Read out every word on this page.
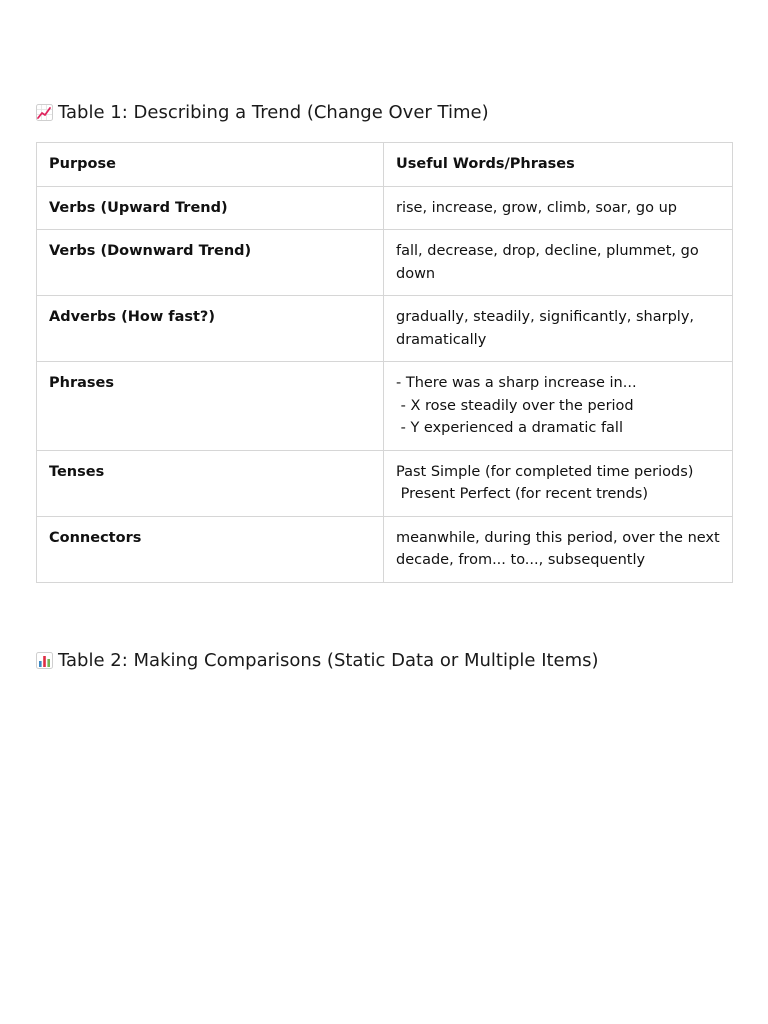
Table 1: Describing a Trend (Change Over Time)
Purpose	Useful Words/Phrases
Verbs (Upward Trend)	rise, increase, grow, climb, soar, go up

Verbs (Downward Trend)	fall, decrease, drop, decline, plummet, go
down

Adverbs (How fast?)	gradually, steadily, significantly, sharply,
dramatically

Phrases	- There was a sharp increase in...
- X rose steadily over the period
- Y experienced a dramatic fall

Tenses	Past Simple (for completed time periods)
Present Perfect (for recent trends)

Connectors	meanwhile, during this period, over the next
decade, from... to..., subsequently
Table 2: Making Comparisons (Static Data or Multiple Items)
